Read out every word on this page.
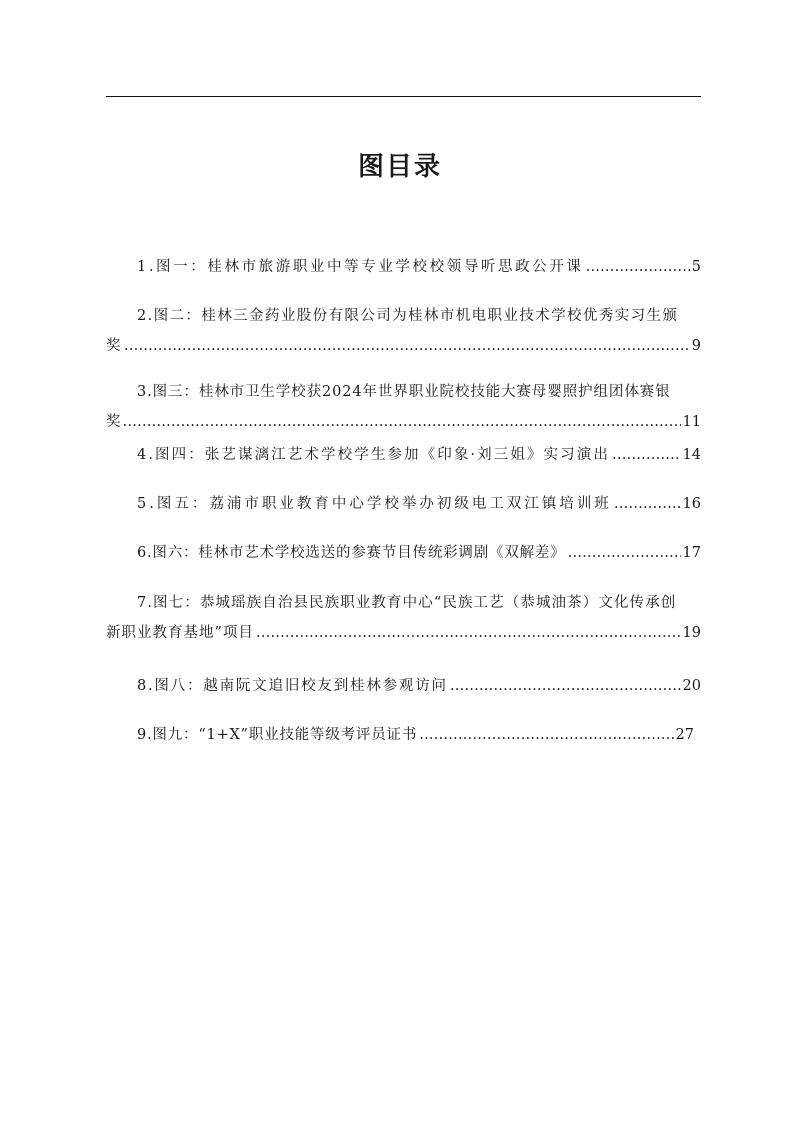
图目录
1.图一：桂林市旅游职业中等专业学校校领导听思政公开课 …………………………………………………………………………………………………………………………………………………………………………………………	5
2.图二：桂林三金药业股份有限公司为桂林市机电职业技术学校优秀实习生颁
奖 …………………………………………………………………………………………………………………………………………………………………………………………	9
3.图三：桂林市卫生学校获2024年世界职业院校技能大赛母婴照护组团体赛银
奖 …………………………………………………………………………………………………………………………………………………………………………………………	11
4.图四：张艺谋漓江艺术学校学生参加《印象·刘三姐》实习演出 …………………………………………………………………………………………………………………………………………………………………………………………	14
5.图五：荔浦市职业教育中心学校举办初级电工双江镇培训班 …………………………………………………………………………………………………………………………………………………………………………………………	16
6.图六：桂林市艺术学校选送的参赛节目传统彩调剧《双解差》 …………………………………………………………………………………………………………………………………………………………………………………………	17
7.图七：恭城瑶族自治县民族职业教育中心“民族工艺（恭城油茶）文化传承创
新职业教育基地”项目 …………………………………………………………………………………………………………………………………………………………………………………………	19
8.图八：越南阮文追旧校友到桂林参观访问 …………………………………………………………………………………………………………………………………………………………………………………………	20
9.图九：“1+X”职业技能等级考评员证书 …………………………………………………………………………………………………………………………………………………………………………………………	27
